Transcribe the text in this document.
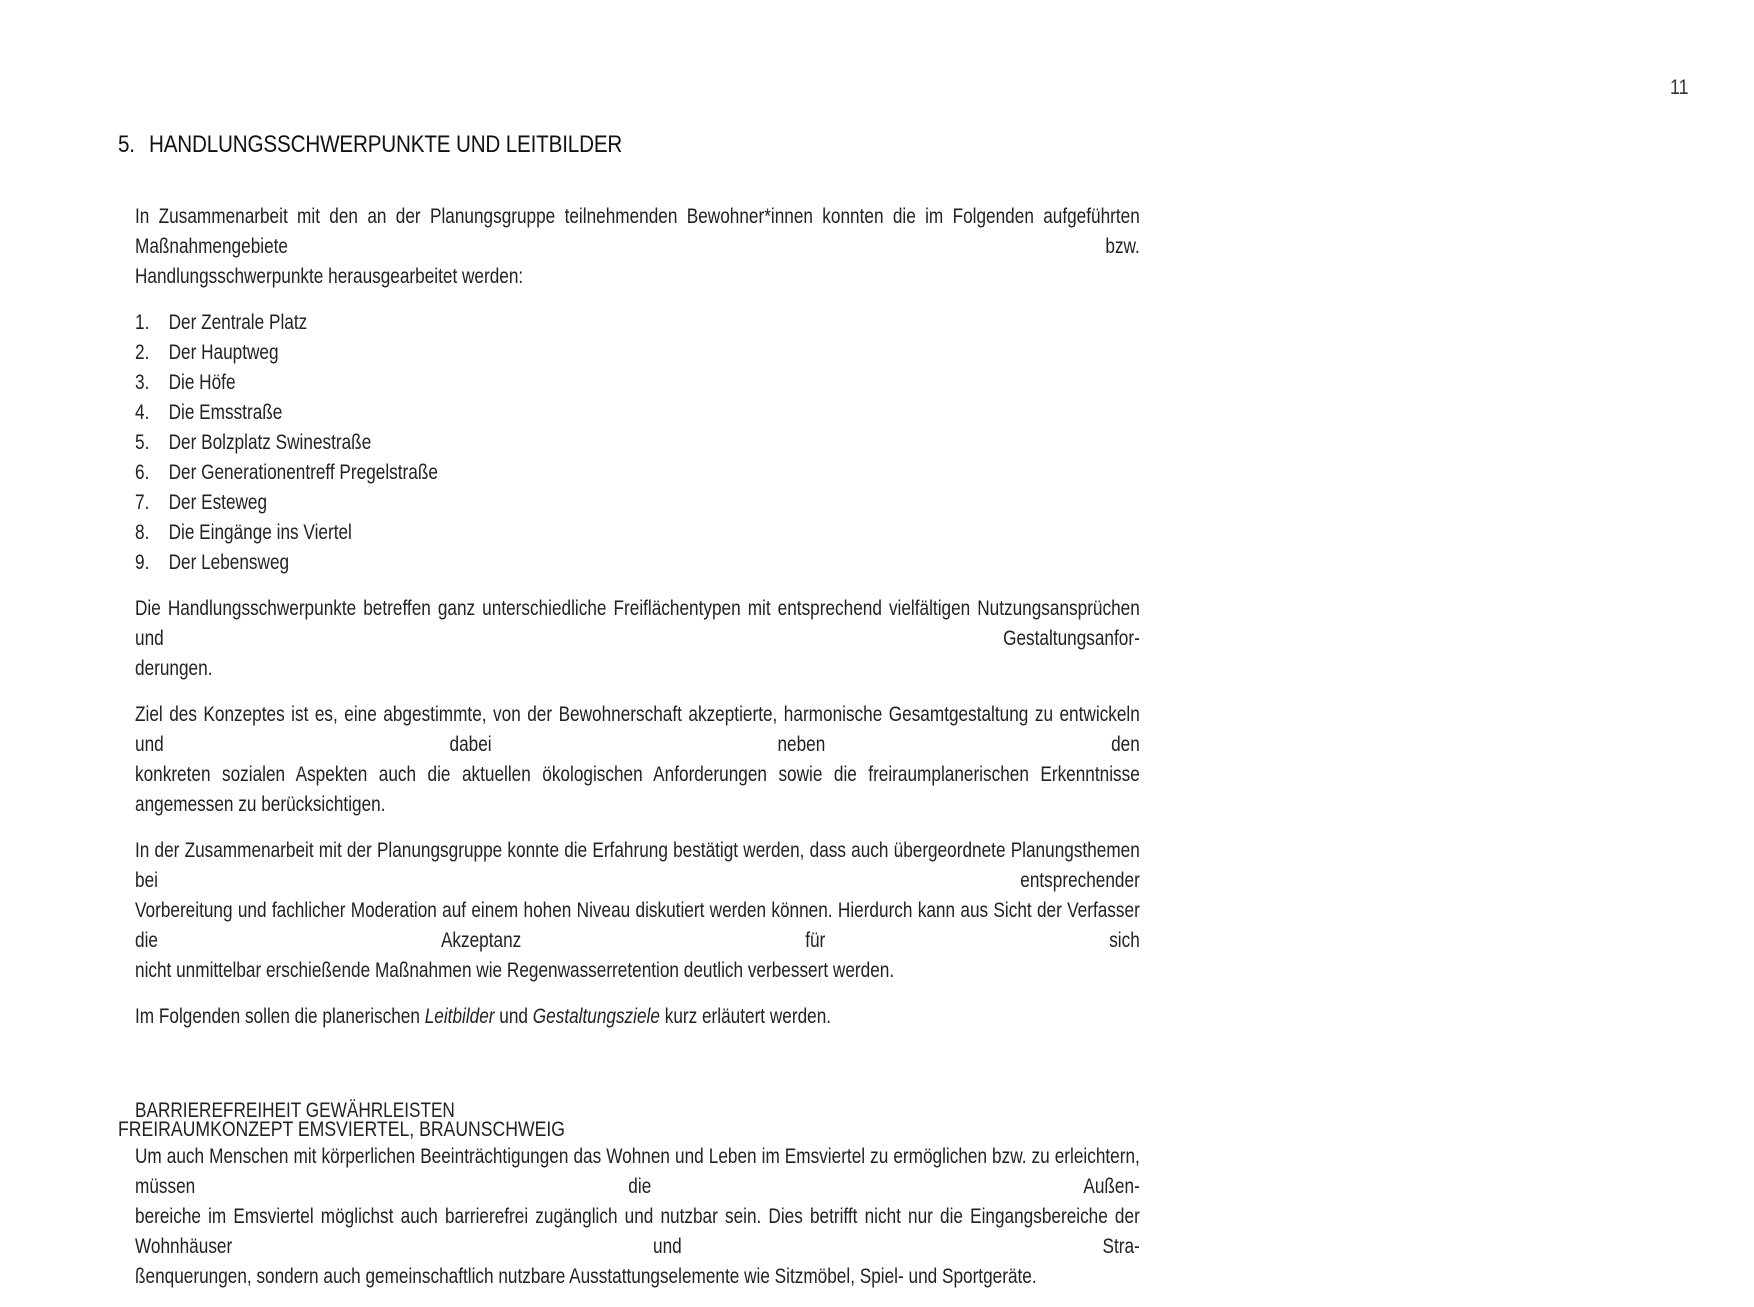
11
5. HANDLUNGSSCHWERPUNKTE UND LEITBILDER

In Zusammenarbeit mit den an der Planungsgruppe teilnehmenden Bewohner*innen konnten die im Folgenden aufgeführten Maßnahmengebiete bzw.
Handlungsschwerpunkte herausgearbeitet werden:

1. Der Zentrale Platz
2. Der Hauptweg
3. Die Höfe
4. Die Emsstraße
5. Der Bolzplatz Swinestraße
6. Der Generationentreff Pregelstraße
7. Der Esteweg
8. Die Eingänge ins Viertel
9. Der Lebensweg

Die Handlungsschwerpunkte betreffen ganz unterschiedliche Freiflächentypen mit entsprechend vielfältigen Nutzungsansprüchen und Gestaltungsanfor-
derungen.

Ziel des Konzeptes ist es, eine abgestimmte, von der Bewohnerschaft akzeptierte, harmonische Gesamtgestaltung zu entwickeln und dabei neben den
konkreten sozialen Aspekten auch die aktuellen ökologischen Anforderungen sowie die freiraumplanerischen Erkenntnisse angemessen zu berücksichtigen.

In der Zusammenarbeit mit der Planungsgruppe konnte die Erfahrung bestätigt werden, dass auch übergeordnete Planungsthemen bei entsprechender
Vorbereitung und fachlicher Moderation auf einem hohen Niveau diskutiert werden können. Hierdurch kann aus Sicht der Verfasser die Akzeptanz für sich
nicht unmittelbar erschießende Maßnahmen wie Regenwasserretention deutlich verbessert werden.

Im Folgenden sollen die planerischen Leitbilder und Gestaltungsziele kurz erläutert werden.

BARRIEREFREIHEIT GEWÄHRLEISTEN

Um auch Menschen mit körperlichen Beeinträchtigungen das Wohnen und Leben im Emsviertel zu ermöglichen bzw. zu erleichtern, müssen die Außen-
bereiche im Emsviertel möglichst auch barrierefrei zugänglich und nutzbar sein. Dies betrifft nicht nur die Eingangsbereiche der Wohnhäuser und Stra-
ßenquerungen, sondern auch gemeinschaftlich nutzbare Ausstattungselemente wie Sitzmöbel, Spiel- und Sportgeräte.

FREIRAUMKONZEPT EMSVIERTEL, BRAUNSCHWEIG
